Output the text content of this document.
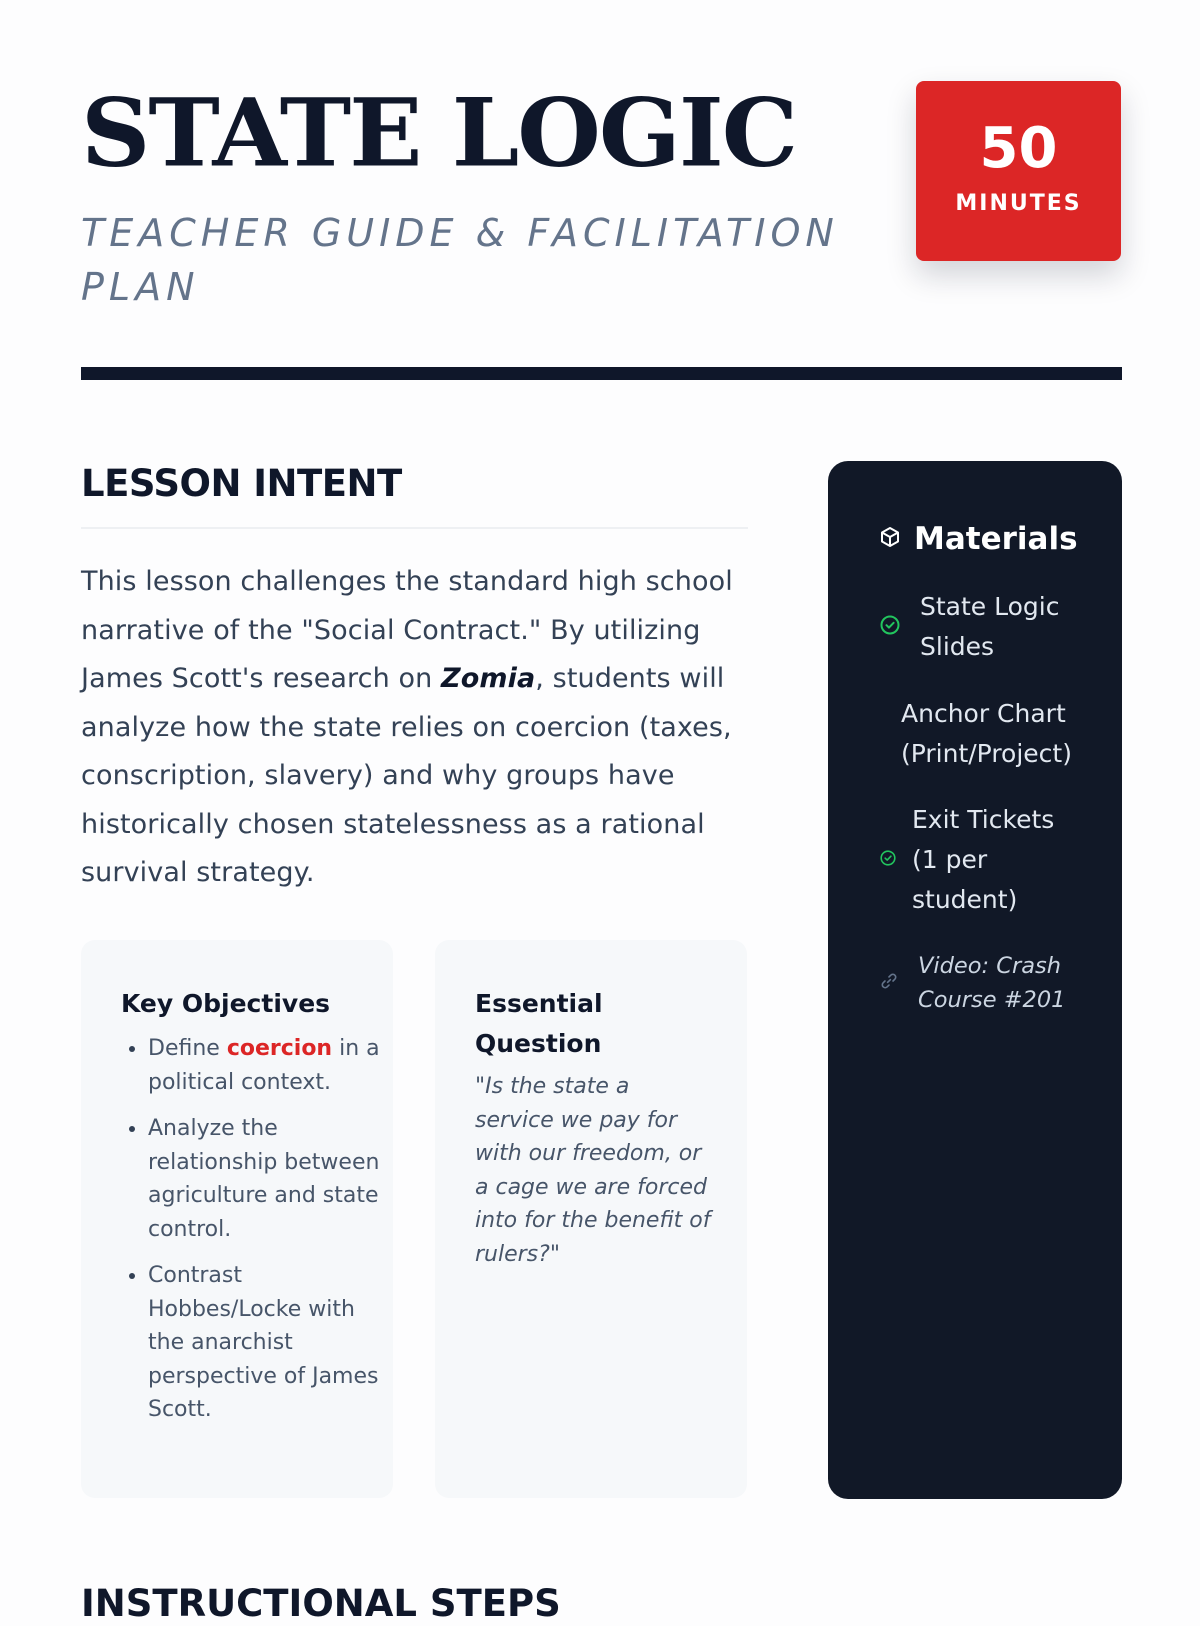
STATE LOGIC
TEACHER GUIDE & FACILITATION PLAN
50
MINUTES
LESSON INTENT

This lesson challenges the standard high school narrative of the "Social Contract." By utilizing James Scott's research on Zomia, students will analyze how the state relies on coercion (taxes, conscription, slavery) and why groups have historically chosen statelessness as a rational survival strategy.

Key Objectives
• Define coercion in a political context.
• Analyze the relationship between agriculture and state control.
• Contrast Hobbes/Locke with the anarchist perspective of James Scott.
Essential Question
"Is the state a service we pay for with our freedom, or a cage we are forced into for the benefit of rulers?"
Materials
State Logic Slides
Anchor Chart (Print/Project)
Exit Tickets (1 per student)
Video: Crash Course #201
INSTRUCTIONAL STEPS
